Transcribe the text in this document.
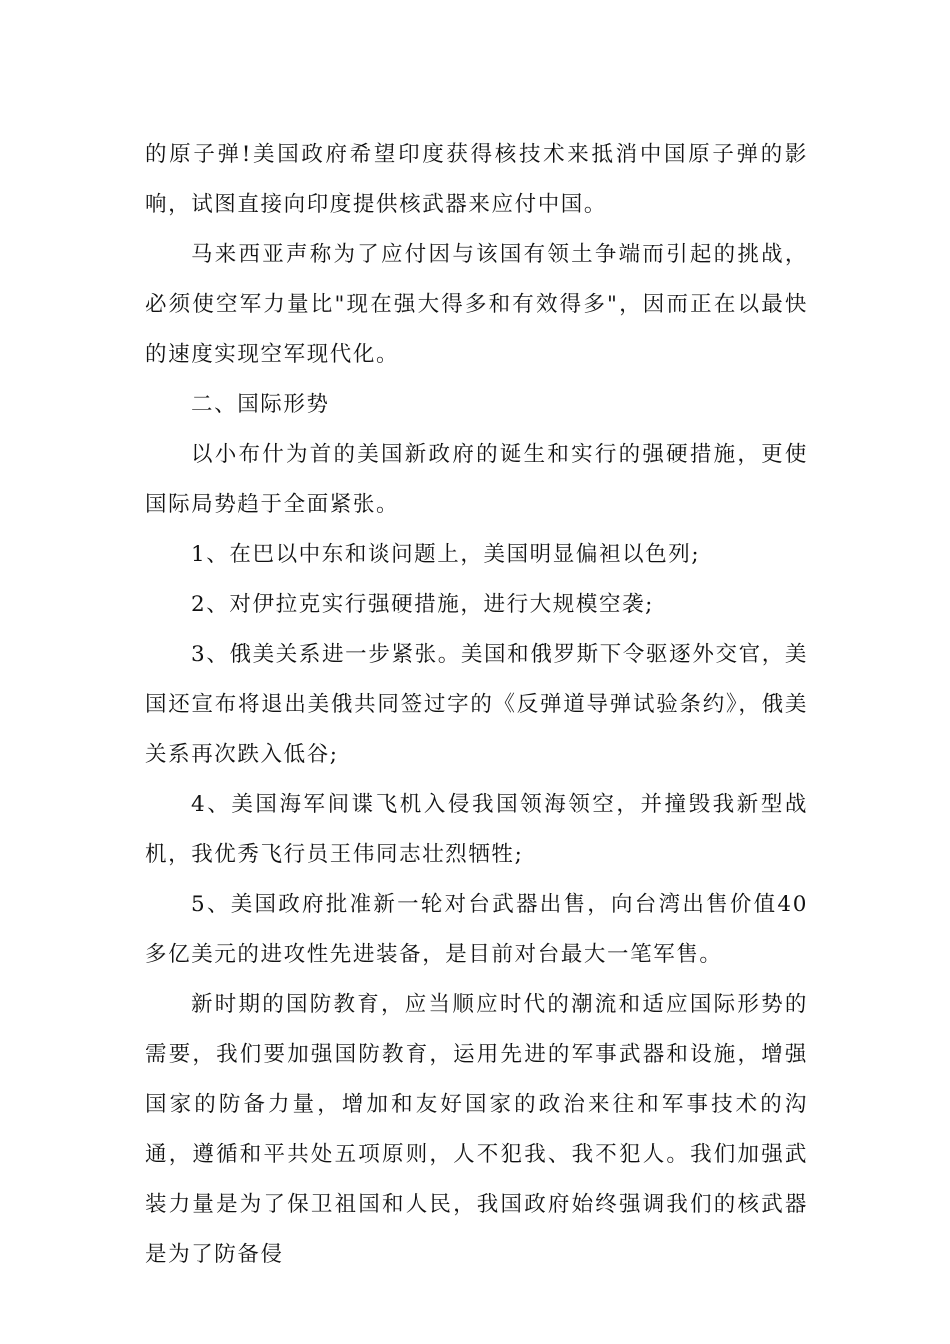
的原子弹!美国政府希望印度获得核技术来抵消中国原子弹的影响，试图直接向印度提供核武器来应付中国。

马来西亚声称为了应付因与该国有领土争端而引起的挑战，必须使空军力量比"现在强大得多和有效得多"，因而正在以最快的速度实现空军现代化。

二、国际形势

以小布什为首的美国新政府的诞生和实行的强硬措施，更使国际局势趋于全面紧张。

1、在巴以中东和谈问题上，美国明显偏袒以色列;

2、对伊拉克实行强硬措施，进行大规模空袭;

3、俄美关系进一步紧张。美国和俄罗斯下令驱逐外交官，美国还宣布将退出美俄共同签过字的《反弹道导弹试验条约》，俄美关系再次跌入低谷;

4、美国海军间谍飞机入侵我国领海领空，并撞毁我新型战机，我优秀飞行员王伟同志壮烈牺牲;

5、美国政府批准新一轮对台武器出售，向台湾出售价值40多亿美元的进攻性先进装备，是目前对台最大一笔军售。

新时期的国防教育，应当顺应时代的潮流和适应国际形势的需要，我们要加强国防教育，运用先进的军事武器和设施，增强国家的防备力量，增加和友好国家的政治来往和军事技术的沟通，遵循和平共处五项原则，人不犯我、我不犯人。我们加强武装力量是为了保卫祖国和人民，我国政府始终强调我们的核武器是为了防备侵
